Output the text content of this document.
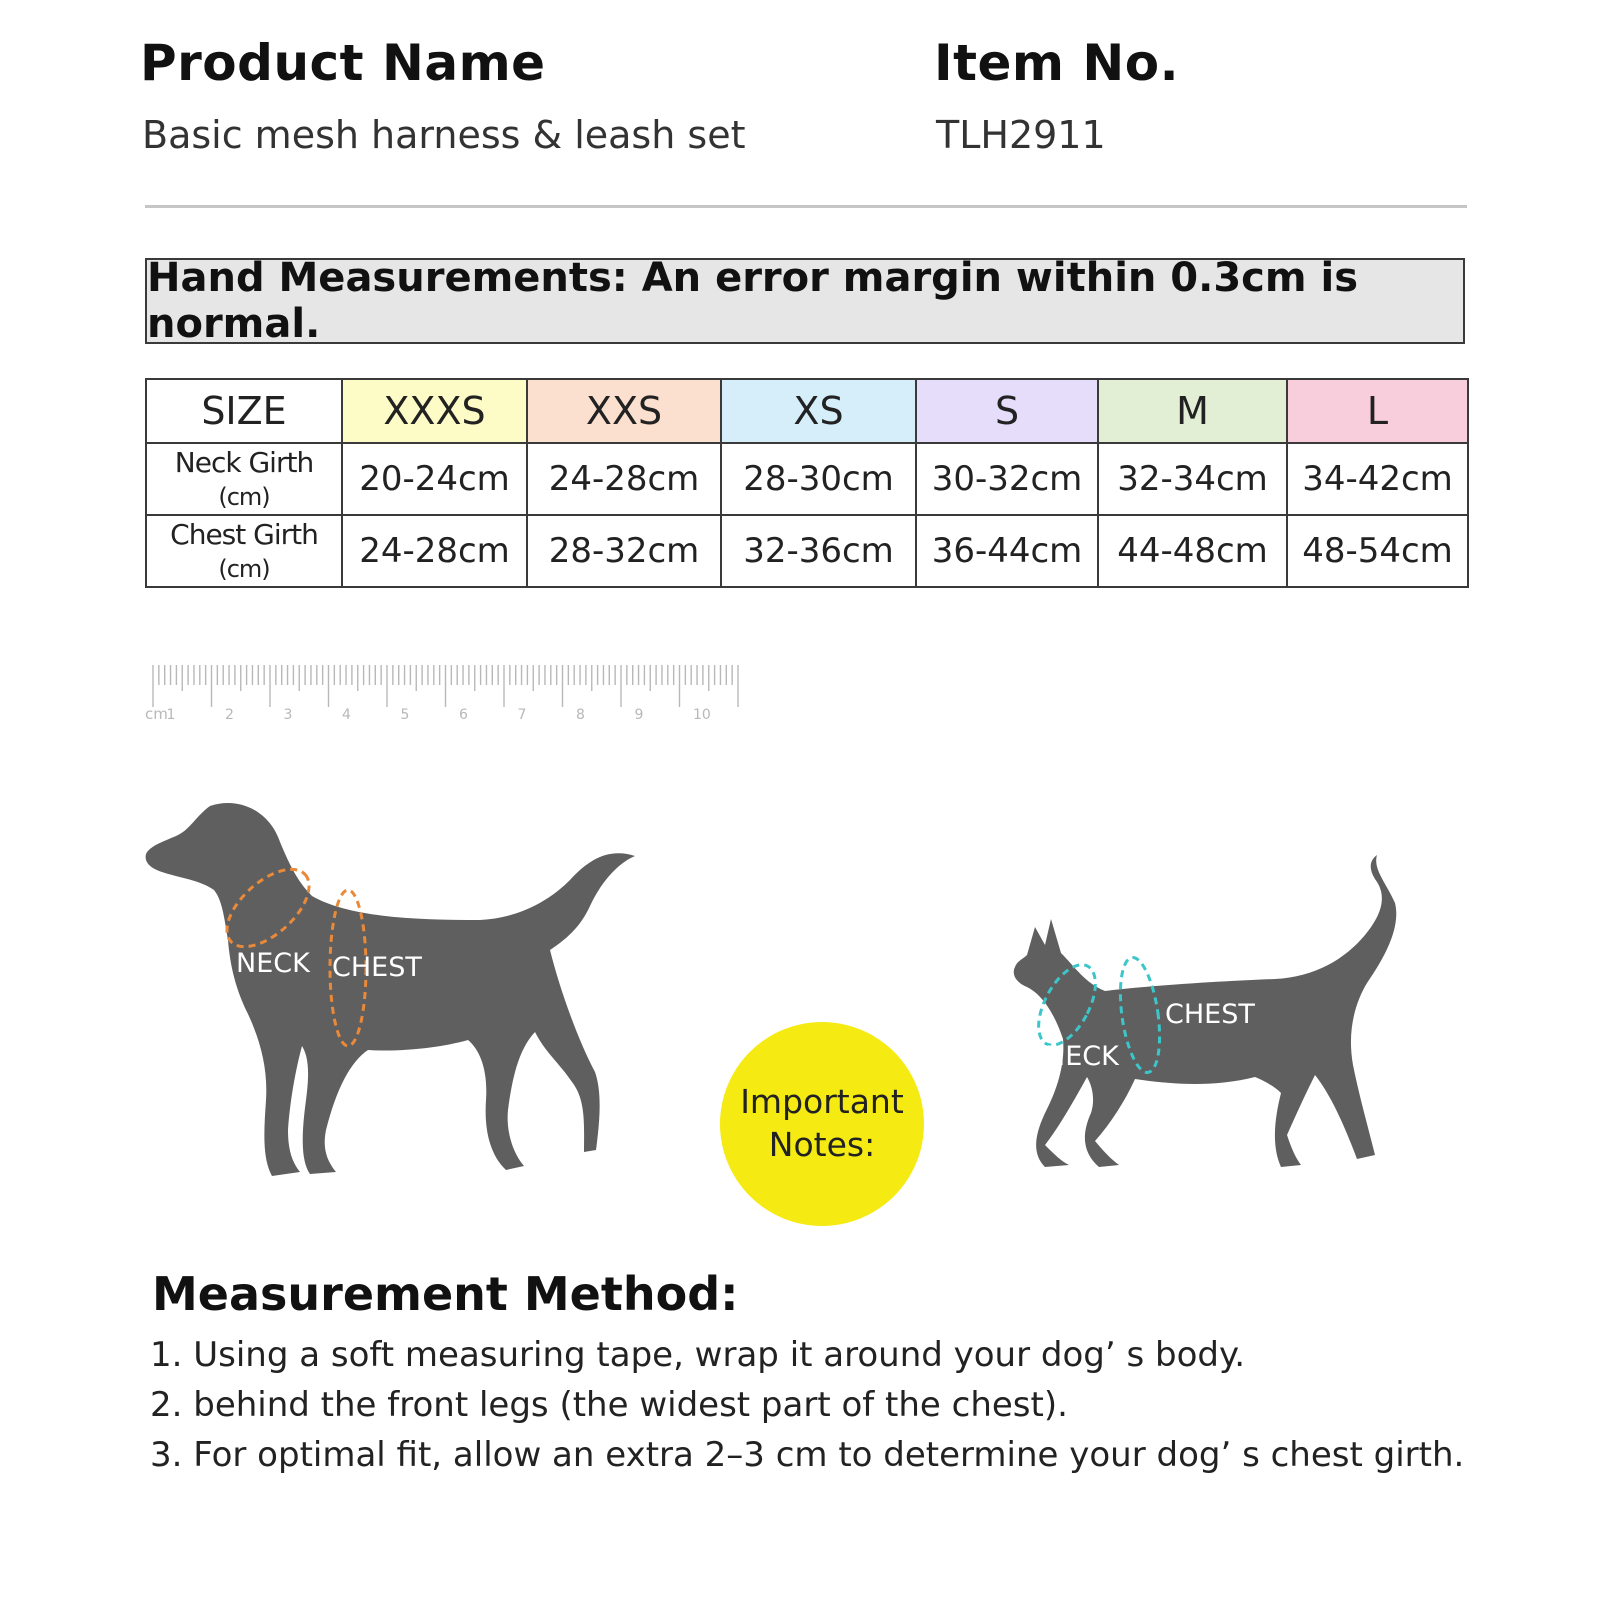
Product Name
Basic mesh harness & leash set
Item No.
TLH2911
Hand Measurements: An error margin within 0.3cm is normal.
SIZE	XXXS	XXS	XS	S	M	L
Neck Girth (cm)	20-24cm	24-28cm	28-30cm	30-32cm	32-34cm	34-42cm
Chest Girth (cm)	24-28cm	28-32cm	32-36cm	36-44cm	44-48cm	48-54cm
cm
1	2	3	4	5	6	7	8	9	10
NECK CHEST
Important
Notes:
NECK
CHEST
Measurement Method:
1. Using a soft measuring tape, wrap it around your dog’ s body.
2. behind the front legs (the widest part of the chest).
3. For optimal fit, allow an extra 2–3 cm to determine your dog’ s chest girth.
